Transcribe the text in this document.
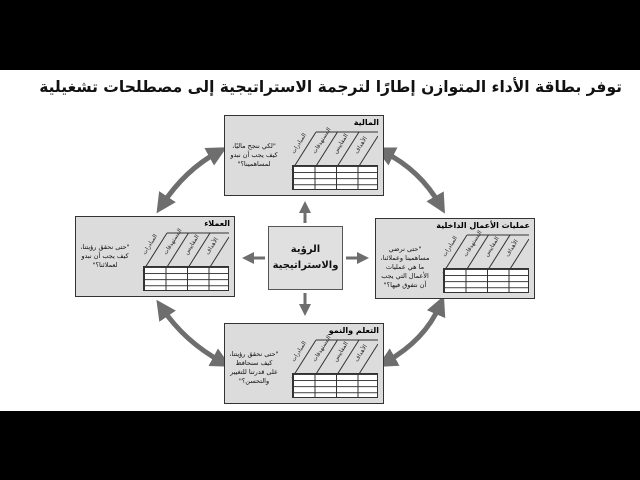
توفر بطاقة الأداء المتوازن إطارًا لترجمة الاستراتيجية إلى مصطلحات تشغيلية
الرؤية
والاستراتيجية
المالية
"لكي ننجح ماليًا، كيف يجب أن نبدو لمساهمينا؟"
المبادرات المستهدفات المقاييس الأهداف
العملاء
"حتى نحقق رؤيتنا، كيف يجب أن نبدو لعملائنا؟"
المبادرات المستهدفات المقاييس الأهداف
عمليات الأعمال الداخلية
"حتى نرضي مساهمينا وعملائنا، ما هي عمليات الأعمال التي يجب أن نتفوق فيها؟"
المبادرات المستهدفات المقاييس الأهداف
التعلم والنمو
"حتى نحقق رؤيتنا، كيف سنحافظ على قدرتنا للتغيير والتحسن؟"
المبادرات المستهدفات المقاييس الأهداف
